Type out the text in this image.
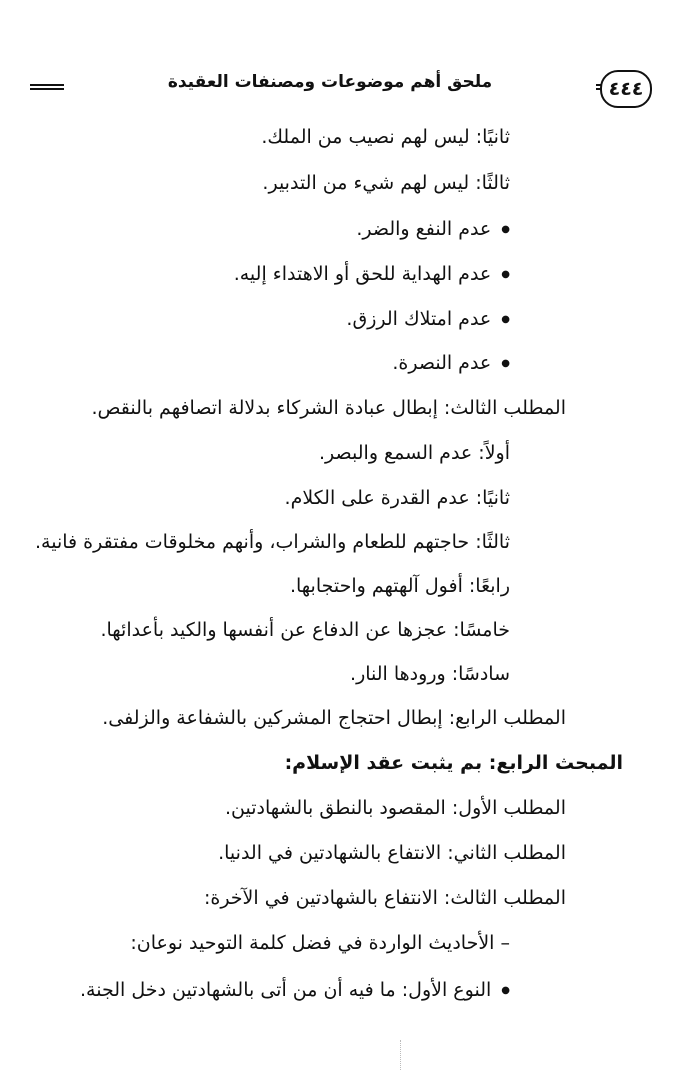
٤٤٤
ملحق أهم موضوعات ومصنفات العقيدة
ثانيًا: ليس لهم نصيب من الملك.
ثالثًا: ليس لهم شيء من التدبير.
● عدم النفع والضر.
● عدم الهداية للحق أو الاهتداء إليه.
● عدم امتلاك الرزق.
● عدم النصرة.
المطلب الثالث: إبطال عبادة الشركاء بدلالة اتصافهم بالنقص.
أولاً: عدم السمع والبصر.
ثانيًا: عدم القدرة على الكلام.
ثالثًا: حاجتهم للطعام والشراب، وأنهم مخلوقات مفتقرة فانية.
رابعًا: أفول آلهتهم واحتجابها.
خامسًا: عجزها عن الدفاع عن أنفسها والكيد بأعدائها.
سادسًا: ورودها النار.
المطلب الرابع: إبطال احتجاج المشركين بالشفاعة والزلفى.
المبحث الرابع: بم يثبت عقد الإسلام:
المطلب الأول: المقصود بالنطق بالشهادتين.
المطلب الثاني: الانتفاع بالشهادتين في الدنيا.
المطلب الثالث: الانتفاع بالشهادتين في الآخرة:
– الأحاديث الواردة في فضل كلمة التوحيد نوعان:
● النوع الأول: ما فيه أن من أتى بالشهادتين دخل الجنة.
